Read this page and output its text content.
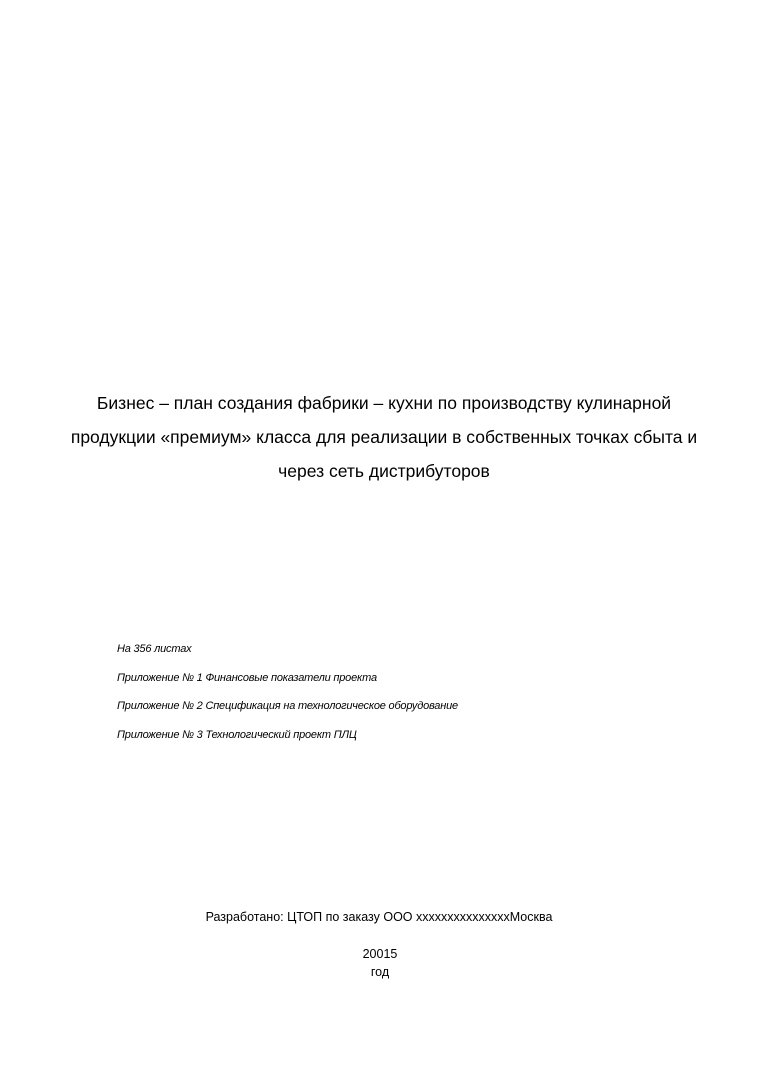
Бизнес – план создания фабрики – кухни по производству кулинарной
продукции «премиум» класса для реализации в собственных точках сбыта и
через сеть дистрибуторов
На 356 листах
Приложение № 1 Финансовые показатели проекта
Приложение № 2 Спецификация на технологическое оборудование
Приложение № 3 Технологический проект ПЛЦ
Разработано: ЦТОП по заказу ООО хххххххххххххххМосква
20015
год
